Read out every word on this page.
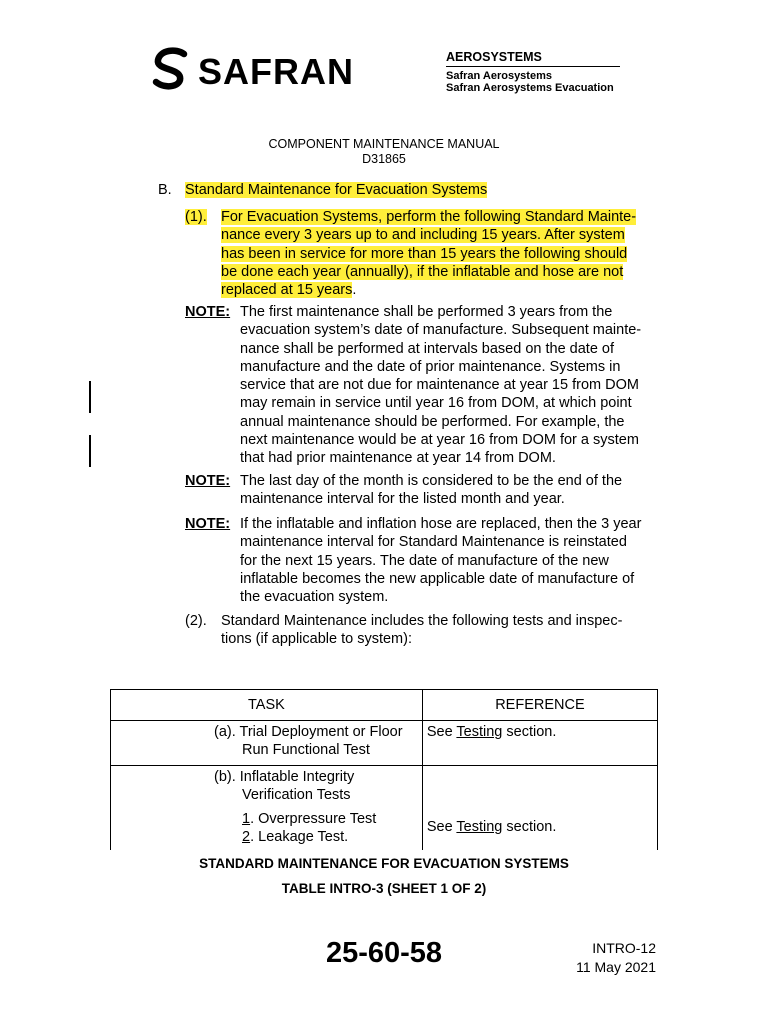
SAFRAN	AEROSYSTEMS
Safran Aerosystems
Safran Aerosystems Evacuation
COMPONENT MAINTENANCE MANUAL
D31865
B. Standard Maintenance for Evacuation Systems
(1). For Evacuation Systems, perform the following Standard Mainte-
nance every 3 years up to and including 15 years. After system
has been in service for more than 15 years the following should
be done each year (annually), if the inflatable and hose are not
replaced at 15 years.
NOTE: The first maintenance shall be performed 3 years from the
evacuation system’s date of manufacture. Subsequent mainte-
nance shall be performed at intervals based on the date of
manufacture and the date of prior maintenance. Systems in
service that are not due for maintenance at year 15 from DOM
may remain in service until year 16 from DOM, at which point
annual maintenance should be performed. For example, the
next maintenance would be at year 16 from DOM for a system
that had prior maintenance at year 14 from DOM.
NOTE: The last day of the month is considered to be the end of the
maintenance interval for the listed month and year.
NOTE: If the inflatable and inflation hose are replaced, then the 3 year
maintenance interval for Standard Maintenance is reinstated
for the next 15 years. The date of manufacture of the new
inflatable becomes the new applicable date of manufacture of
the evacuation system.
(2). Standard Maintenance includes the following tests and inspec-
tions (if applicable to system):
TASK	REFERENCE

(a). Trial Deployment or Floor
Run Functional Test	See Testing section.

(b). Inflatable Integrity
Verification Tests
1. Overpressure Test
2. Leakage Test.	See Testing section.
STANDARD MAINTENANCE FOR EVACUATION SYSTEMS
TABLE INTRO-3 (SHEET 1 OF 2)
25-60-58	INTRO-12
11 May 2021
